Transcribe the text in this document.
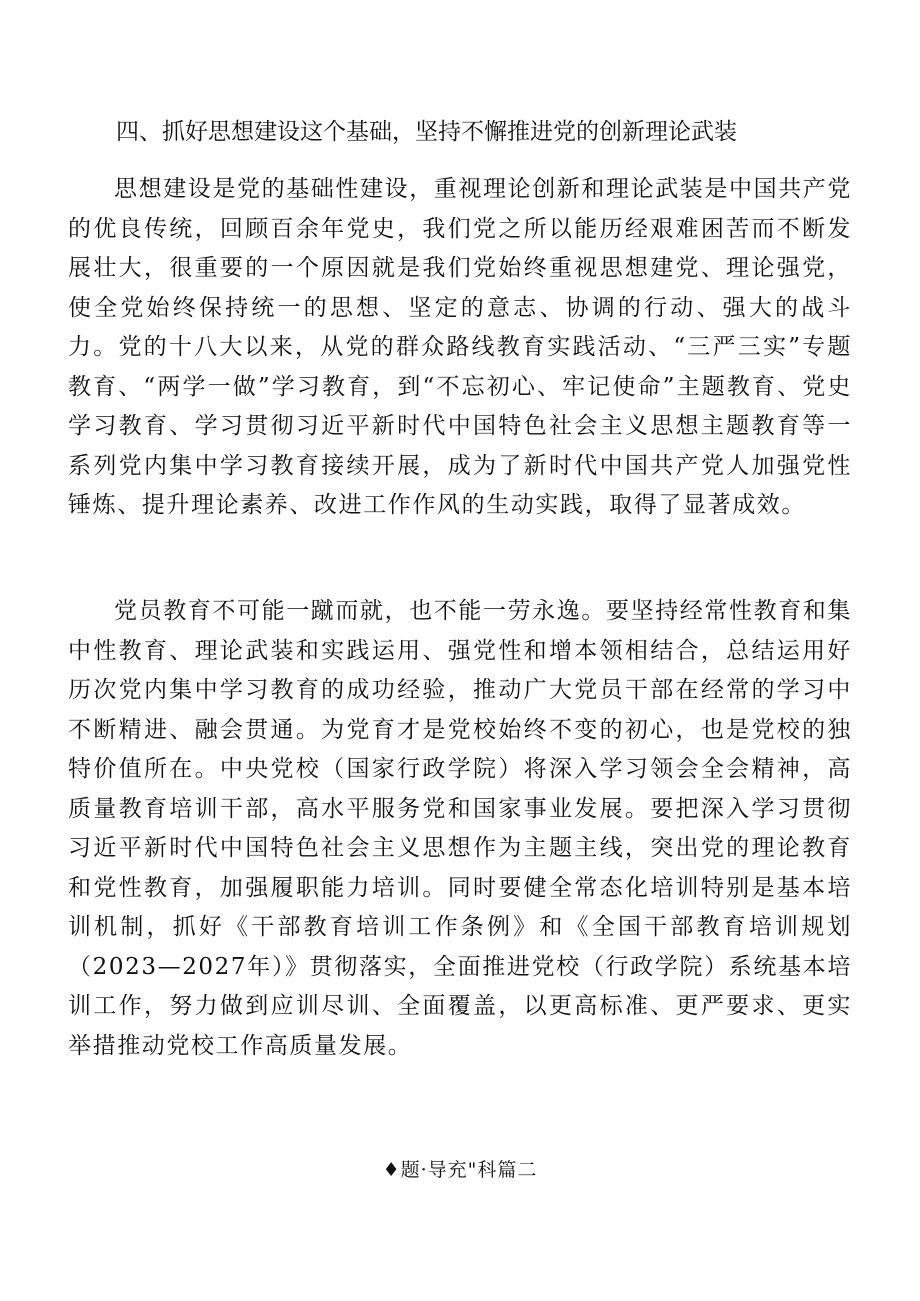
四、抓好思想建设这个基础，坚持不懈推进党的创新理论武装

思想建设是党的基础性建设，重视理论创新和理论武装是中国共产党的优良传统，回顾百余年党史，我们党之所以能历经艰难困苦而不断发展壮大，很重要的一个原因就是我们党始终重视思想建党、理论强党，使全党始终保持统一的思想、坚定的意志、协调的行动、强大的战斗力。党的十八大以来，从党的群众路线教育实践活动、“三严三实”专题教育、“两学一做”学习教育，到“不忘初心、牢记使命”主题教育、党史学习教育、学习贯彻习近平新时代中国特色社会主义思想主题教育等一系列党内集中学习教育接续开展，成为了新时代中国共产党人加强党性锤炼、提升理论素养、改进工作作风的生动实践，取得了显著成效。

党员教育不可能一蹴而就，也不能一劳永逸。要坚持经常性教育和集中性教育、理论武装和实践运用、强党性和增本领相结合，总结运用好历次党内集中学习教育的成功经验，推动广大党员干部在经常的学习中不断精进、融会贯通。为党育才是党校始终不变的初心，也是党校的独特价值所在。中央党校（国家行政学院）将深入学习领会全会精神，高质量教育培训干部，高水平服务党和国家事业发展。要把深入学习贯彻习近平新时代中国特色社会主义思想作为主题主线，突出党的理论教育和党性教育，加强履职能力培训。同时要健全常态化培训特别是基本培训机制，抓好《干部教育培训工作条例》和《全国干部教育培训规划（2023—2027年）》贯彻落实，全面推进党校（行政学院）系统基本培训工作，努力做到应训尽训、全面覆盖，以更高标准、更严要求、更实举措推动党校工作高质量发展。

♦题·导充"科篇二
